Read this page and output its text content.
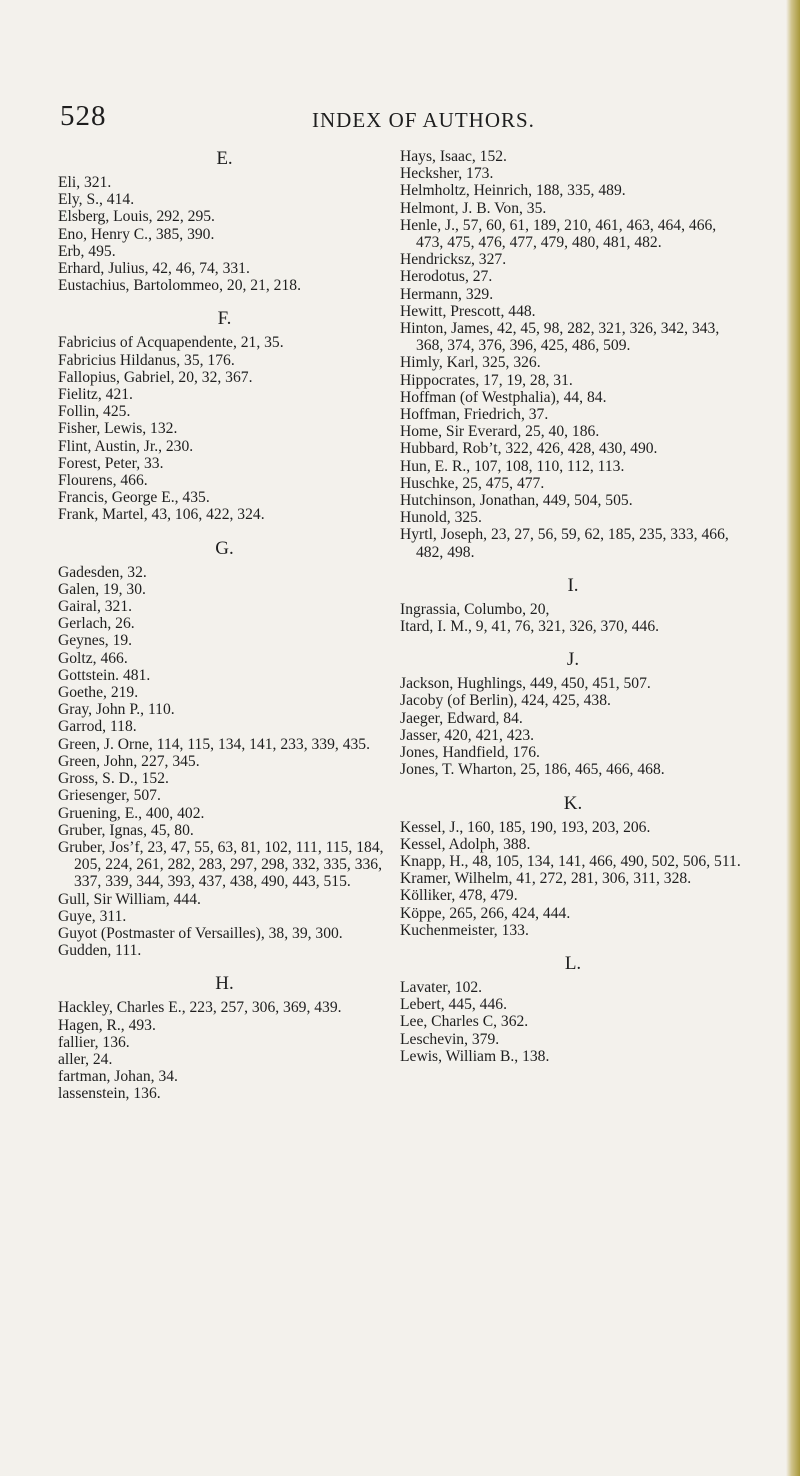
528	INDEX OF AUTHORS.
E.
Eli, 321.
Ely, S., 414.
Elsberg, Louis, 292, 295.
Eno, Henry C., 385, 390.
Erb, 495.
Erhard, Julius, 42, 46, 74, 331.
Eustachius, Bartolommeo, 20, 21, 218.
F.
Fabricius of Acquapendente, 21, 35.
Fabricius Hildanus, 35, 176.
Fallopius, Gabriel, 20, 32, 367.
Fielitz, 421.
Follin, 425.
Fisher, Lewis, 132.
Flint, Austin, Jr., 230.
Forest, Peter, 33.
Flourens, 466.
Francis, George E., 435.
Frank, Martel, 43, 106, 422, 324.
G.
Gadesden, 32.
Galen, 19, 30.
Gairal, 321.
Gerlach, 26.
Geynes, 19.
Goltz, 466.
Gottstein. 481.
Goethe, 219.
Gray, John P., 110.
Garrod, 118.
Green, J. Orne, 114, 115, 134, 141, 233, 339, 435.
Green, John, 227, 345.
Gross, S. D., 152.
Griesenger, 507.
Gruening, E., 400, 402.
Gruber, Ignas, 45, 80.
Gruber, Jos’f, 23, 47, 55, 63, 81, 102, 111, 115, 184, 205, 224, 261, 282, 283, 297, 298, 332, 335, 336, 337, 339, 344, 393, 437, 438, 490, 443, 515.
Gull, Sir William, 444.
Guye, 311.
Guyot (Postmaster of Versailles), 38, 39, 300.
Gudden, 111.
H.
Hackley, Charles E., 223, 257, 306, 369, 439.
Hagen, R., 493.
fallier, 136.
aller, 24.
fartman, Johan, 34.
lassenstein, 136.
Hays, Isaac, 152.
Hecksher, 173.
Helmholtz, Heinrich, 188, 335, 489.
Helmont, J. B. Von, 35.
Henle, J., 57, 60, 61, 189, 210, 461, 463, 464, 466, 473, 475, 476, 477, 479, 480, 481, 482.
Hendricksz, 327.
Herodotus, 27.
Hermann, 329.
Hewitt, Prescott, 448.
Hinton, James, 42, 45, 98, 282, 321, 326, 342, 343, 368, 374, 376, 396, 425, 486, 509.
Himly, Karl, 325, 326.
Hippocrates, 17, 19, 28, 31.
Hoffman (of Westphalia), 44, 84.
Hoffman, Friedrich, 37.
Home, Sir Everard, 25, 40, 186.
Hubbard, Rob’t, 322, 426, 428, 430, 490.
Hun, E. R., 107, 108, 110, 112, 113.
Huschke, 25, 475, 477.
Hutchinson, Jonathan, 449, 504, 505.
Hunold, 325.
Hyrtl, Joseph, 23, 27, 56, 59, 62, 185, 235, 333, 466, 482, 498.
I.
Ingrassia, Columbo, 20,
Itard, I. M., 9, 41, 76, 321, 326, 370, 446.
J.
Jackson, Hughlings, 449, 450, 451, 507.
Jacoby (of Berlin), 424, 425, 438.
Jaeger, Edward, 84.
Jasser, 420, 421, 423.
Jones, Handfield, 176.
Jones, T. Wharton, 25, 186, 465, 466, 468.
K.
Kessel, J., 160, 185, 190, 193, 203, 206.
Kessel, Adolph, 388.
Knapp, H., 48, 105, 134, 141, 466, 490, 502, 506, 511.
Kramer, Wilhelm, 41, 272, 281, 306, 311, 328.
Kölliker, 478, 479.
Köppe, 265, 266, 424, 444.
Kuchenmeister, 133.
L.
Lavater, 102.
Lebert, 445, 446.
Lee, Charles C, 362.
Leschevin, 379.
Lewis, William B., 138.
